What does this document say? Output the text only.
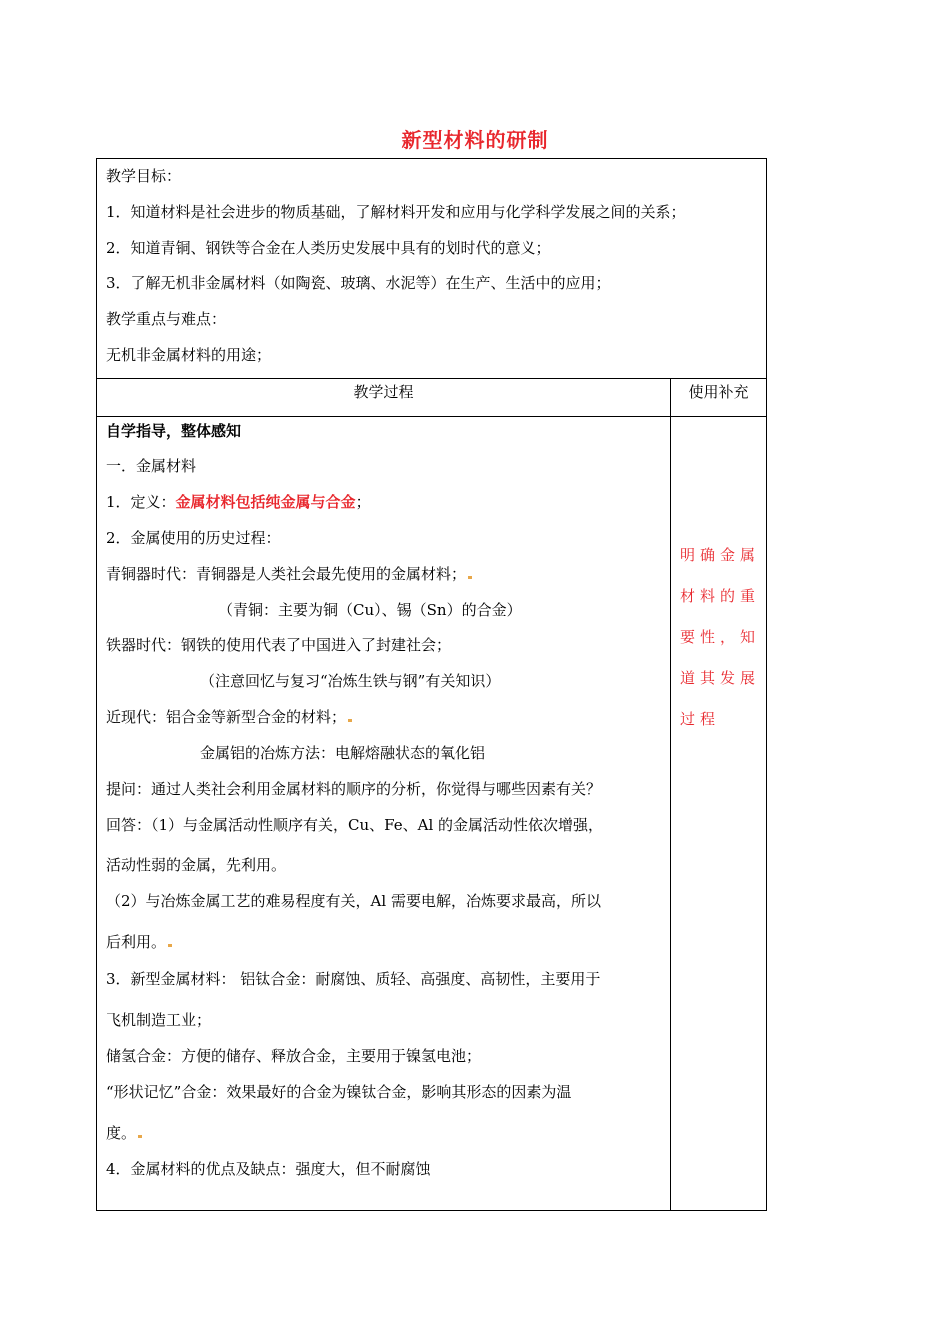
新型材料的研制
教学目标：
1．知道材料是社会进步的物质基础，了解材料开发和应用与化学科学发展之间的关系；
2．知道青铜、钢铁等合金在人类历史发展中具有的划时代的意义；
3．了解无机非金属材料（如陶瓷、玻璃、水泥等）在生产、生活中的应用；
教学重点与难点：
无机非金属材料的用途；
教学过程	使用补充
自学指导，整体感知
一．金属材料
1．定义：金属材料包括纯金属与合金；
2．金属使用的历史过程：
青铜器时代：青铜器是人类社会最先使用的金属材料；
（青铜：主要为铜（Cu）、锡（Sn）的合金）
铁器时代：钢铁的使用代表了中国进入了封建社会；
（注意回忆与复习“冶炼生铁与钢”有关知识）
近现代：铝合金等新型合金的材料；
金属铝的冶炼方法：电解熔融状态的氧化铝
提问：通过人类社会利用金属材料的顺序的分析，你觉得与哪些因素有关？
回答：（1）与金属活动性顺序有关，Cu、Fe、Al 的金属活动性依次增强，
活动性弱的金属，先利用。
（2）与冶炼金属工艺的难易程度有关，Al 需要电解，冶炼要求最高，所以
后利用。
3．新型金属材料： 铝钛合金：耐腐蚀、质轻、高强度、高韧性，主要用于
飞机制造工业；
储氢合金：方便的储存、释放合金，主要用于镍氢电池；
“形状记忆”合金：效果最好的合金为镍钛合金，影响其形态的因素为温
度。
4．金属材料的优点及缺点：强度大，但不耐腐蚀
明确金属
材料的重
要性，知
道其发展
过程
